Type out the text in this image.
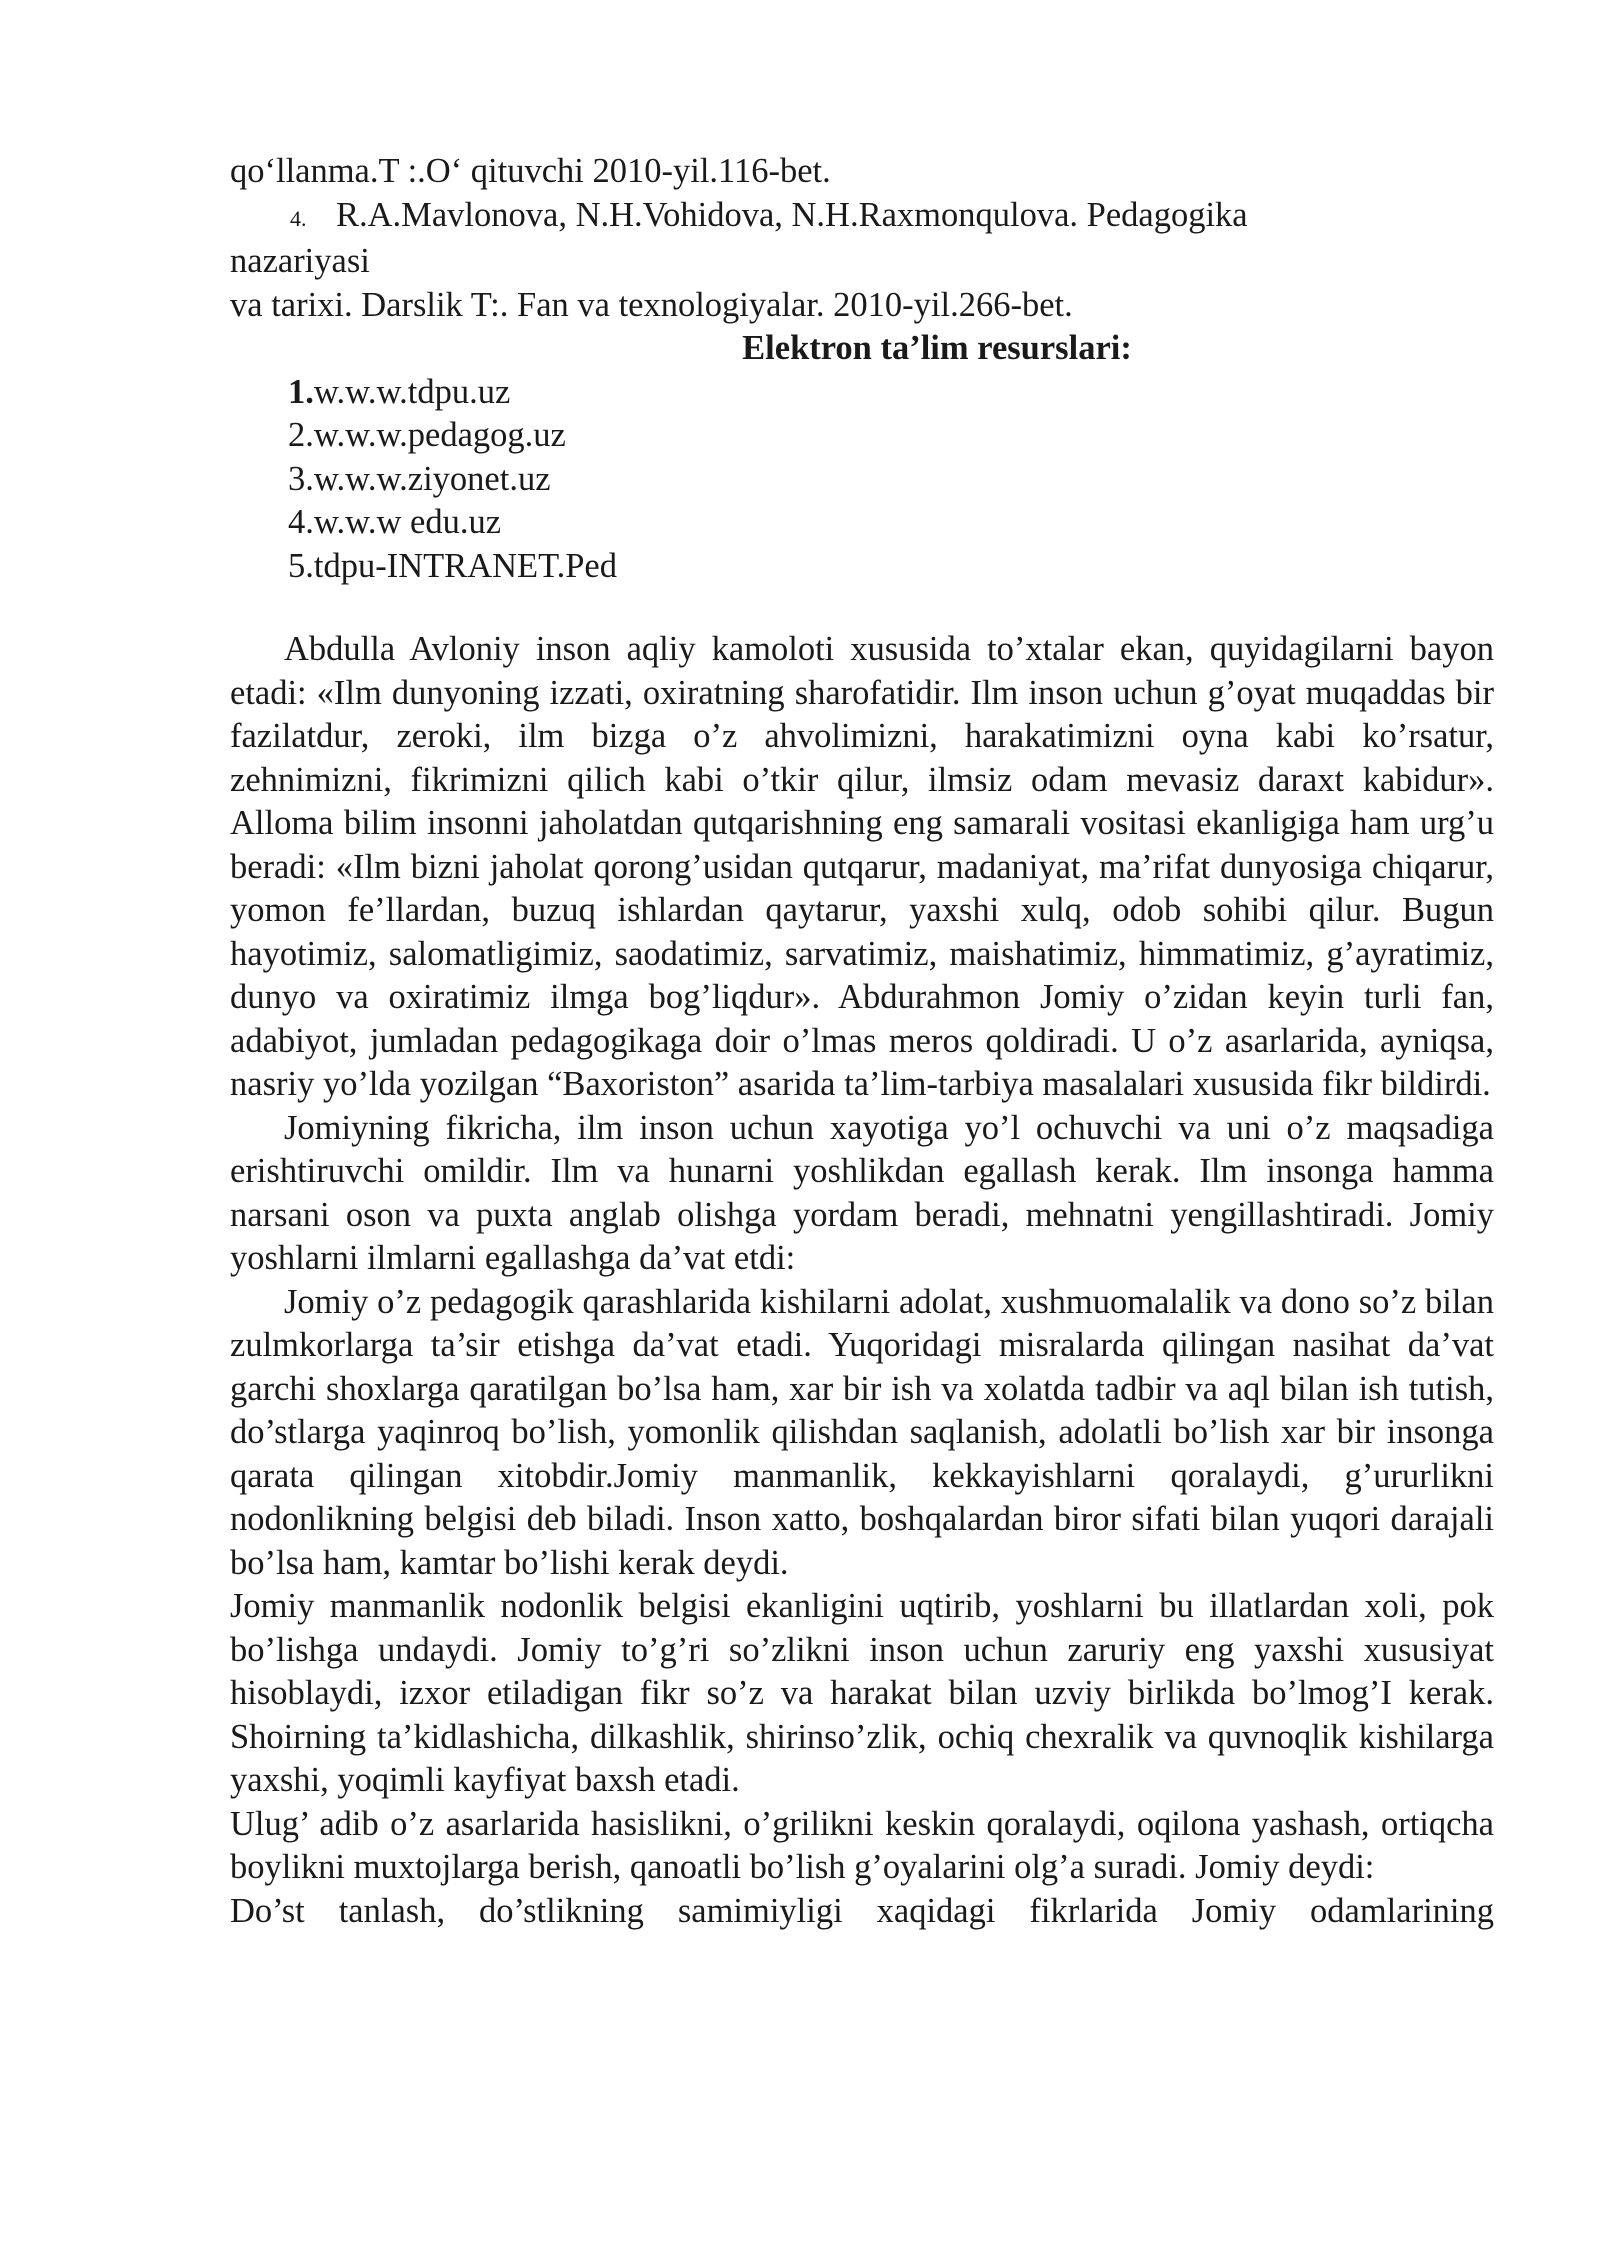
qo‘llanma.T :.O‘ qituvchi 2010-yil.116-bet.

4. R.A.Mavlonova, N.H.Vohidova, N.H.Raxmonqulova. Pedagogika

nazariyasi

va tarixi. Darslik T:. Fan va texnologiyalar. 2010-yil.266-bet.

Elektron ta’lim resurslari:

1.w.w.w.tdpu.uz
2.w.w.w.pedagog.uz
3.w.w.w.ziyonet.uz
4.w.w.w edu.uz
5.tdpu-INTRANET.Ped

Abdulla Avloniy inson aqliy kamoloti xususida to’xtalar ekan, quyidagilarni bayon etadi: «Ilm dunyoning izzati, oxiratning sharofatidir. Ilm inson uchun g’oyat muqaddas bir fazilatdur, zeroki, ilm bizga o’z ahvolimizni, harakatimizni oyna kabi ko’rsatur, zehnimizni, fikrimizni qilich kabi o’tkir qilur, ilmsiz odam mevasiz daraxt kabidur». Alloma bilim insonni jaholatdan qutqarishning eng samarali vositasi ekanligiga ham urg’u beradi: «Ilm bizni jaholat qorong’usidan qutqarur, madaniyat, ma’rifat dunyosiga chiqarur, yomon fe’llardan, buzuq ishlardan qaytarur, yaxshi xulq, odob sohibi qilur. Bugun hayotimiz, salomatligimiz, saodatimiz, sarvatimiz, maishatimiz, himmatimiz, g’ayratimiz, dunyo va oxiratimiz ilmga bog’liqdur». Abdurahmon Jomiy o’zidan keyin turli fan, adabiyot, jumladan pedagogikaga doir o’lmas meros qoldiradi. U o’z asarlarida, ayniqsa, nasriy yo’lda yozilgan “Baxoriston” asarida ta’lim-tarbiya masalalari xususida fikr bildirdi.

Jomiyning fikricha, ilm inson uchun xayotiga yo’l ochuvchi va uni o’z maqsadiga erishtiruvchi omildir. Ilm va hunarni yoshlikdan egallash kerak. Ilm insonga hamma narsani oson va puxta anglab olishga yordam beradi, mehnatni yengillashtiradi. Jomiy yoshlarni ilmlarni egallashga da’vat etdi:

Jomiy o’z pedagogik qarashlarida kishilarni adolat, xushmuomalalik va dono so’z bilan zulmkorlarga ta’sir etishga da’vat etadi. Yuqoridagi misralarda qilingan nasihat da’vat garchi shoxlarga qaratilgan bo’lsa ham, xar bir ish va xolatda tadbir va aql bilan ish tutish, do’stlarga yaqinroq bo’lish, yomonlik qilishdan saqlanish, adolatli bo’lish xar bir insonga qarata qilingan xitobdir.Jomiy manmanlik, kekkayishlarni qoralaydi, g’ururlikni nodonlikning belgisi deb biladi. Inson xatto, boshqalardan biror sifati bilan yuqori darajali bo’lsa ham, kamtar bo’lishi kerak deydi.

Jomiy manmanlik nodonlik belgisi ekanligini uqtirib, yoshlarni bu illatlardan xoli, pok bo’lishga undaydi. Jomiy to’g’ri so’zlikni inson uchun zaruriy eng yaxshi xususiyat hisoblaydi, izxor etiladigan fikr so’z va harakat bilan uzviy birlikda bo’lmog’I kerak. Shoirning ta’kidlashicha, dilkashlik, shirinso’zlik, ochiq chexralik va quvnoqlik kishilarga yaxshi, yoqimli kayfiyat baxsh etadi.

Ulug’ adib o’z asarlarida hasislikni, o’grilikni keskin qoralaydi, oqilona yashash, ortiqcha boylikni muxtojlarga berish, qanoatli bo’lish g’oyalarini olg’a suradi. Jomiy deydi:

Do’st tanlash, do’stlikning samimiyligi xaqidagi fikrlarida Jomiy odamlarining
